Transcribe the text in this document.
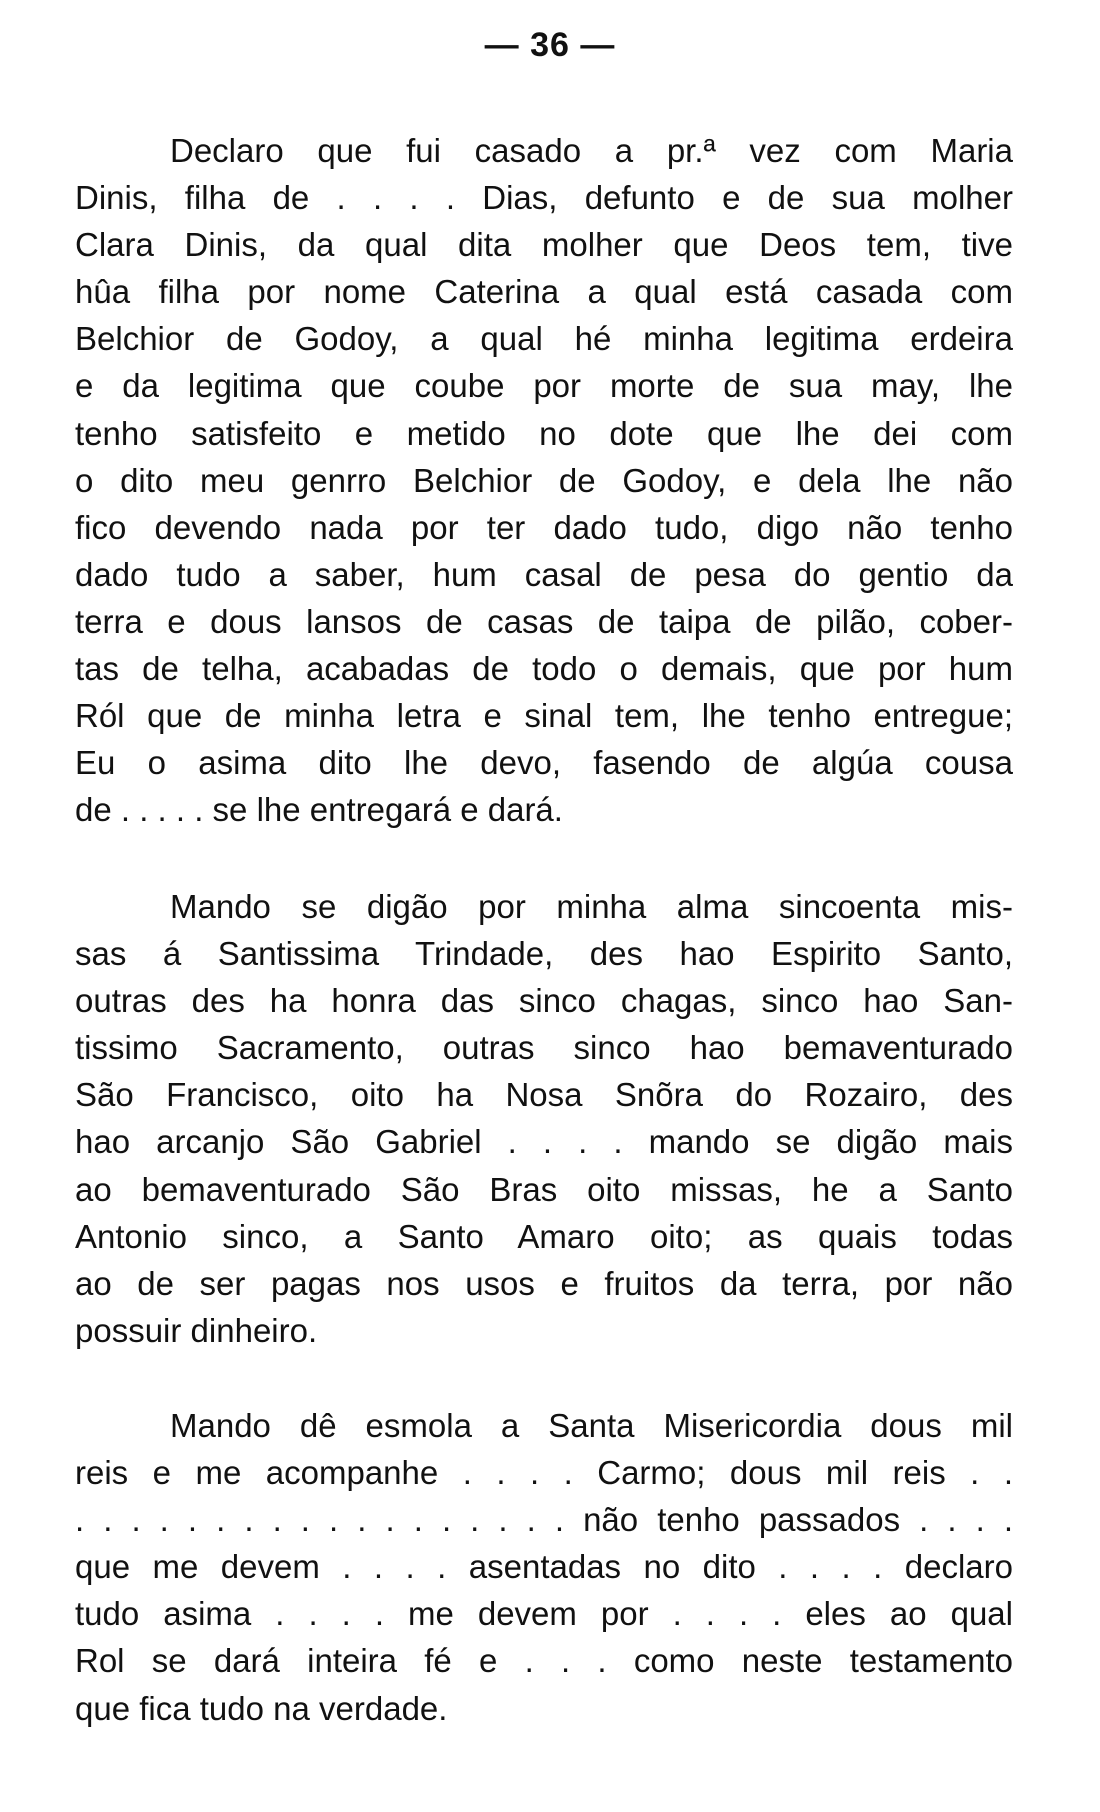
— 36 —
Declaro que fui casado a pr.ª vez com Maria
Dinis, filha de . . . . Dias, defunto e de sua molher
Clara Dinis, da qual dita molher que Deos tem, tive
hûa filha por nome Caterina a qual está casada com
Belchior de Godoy, a qual hé minha legitima erdeira
e da legitima que coube por morte de sua may, lhe
tenho satisfeito e metido no dote que lhe dei com
o dito meu genrro Belchior de Godoy, e dela lhe não
fico devendo nada por ter dado tudo, digo não tenho
dado tudo a saber, hum casal de pesa do gentio da
terra e dous lansos de casas de taipa de pilão, cober-
tas de telha, acabadas de todo o demais, que por hum
Ról que de minha letra e sinal tem, lhe tenho entregue;
Eu o asima dito lhe devo, fasendo de algúa cousa
de . . . . . se lhe entregará e dará.
Mando se digão por minha alma sincoenta mis-
sas á Santissima Trindade, des hao Espirito Santo,
outras des ha honra das sinco chagas, sinco hao San-
tissimo Sacramento, outras sinco hao bemaventurado
São Francisco, oito ha Nosa Snõra do Rozairo, des
hao arcanjo São Gabriel . . . . mando se digão mais
ao bemaventurado São Bras oito missas, he a Santo
Antonio sinco, a Santo Amaro oito; as quais todas
ao de ser pagas nos usos e fruitos da terra, por não
possuir dinheiro.
Mando dê esmola a Santa Misericordia dous mil
reis e me acompanhe . . . . Carmo; dous mil reis . .
. . . . . . . . . . . . . . . . . . não tenho passados . . . .
que me devem . . . . asentadas no dito . . . . declaro
tudo asima . . . . me devem por . . . . eles ao qual
Rol se dará inteira fé e . . . como neste testamento
que fica tudo na verdade.
